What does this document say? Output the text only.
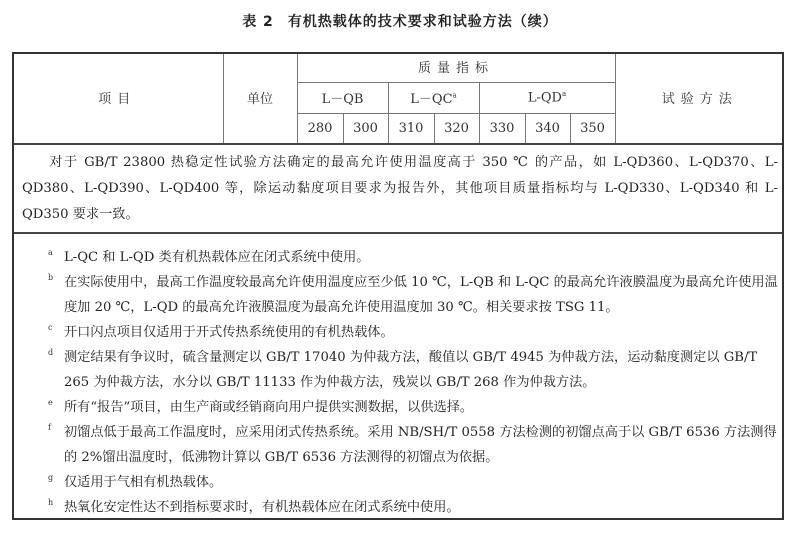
表 2 有机热载体的技术要求和试验方法（续）
项目	单位	质量指标							试验方法
		L－QB		$L-QC^a$		$L-QD^a$
		280	300	310	320	330	340	350	
对于 GB/T 23800 热稳定性试验方法确定的最高允许使用温度高于 350 ℃ 的产品，如 L-QD360、L-QD370、L-QD380、L-QD390、L-QD400 等，除运动黏度项目要求为报告外，其他项目质量指标均与 L-QD330、L-QD340 和 L-QD350 要求一致。
a L-QC 和 L-QD 类有机热载体应在闭式系统中使用。
b 在实际使用中，最高工作温度较最高允许使用温度应至少低 10 ℃，L-QB 和 L-QC 的最高允许液膜温度为最高允许使用温度加 20 ℃，L-QD 的最高允许液膜温度为最高允许使用温度加 30 ℃。相关要求按 TSG 11。
c 开口闪点项目仅适用于开式传热系统使用的有机热载体。
d 测定结果有争议时，硫含量测定以 GB/T 17040 为仲裁方法，酸值以 GB/T 4945 为仲裁方法，运动黏度测定以 GB/T 265 为仲裁方法，水分以 GB/T 11133 作为仲裁方法，残炭以 GB/T 268 作为仲裁方法。
e 所有“报告”项目，由生产商或经销商向用户提供实测数据，以供选择。
f 初馏点低于最高工作温度时，应采用闭式传热系统。采用 NB/SH/T 0558 方法检测的初馏点高于以 GB/T 6536 方法测得的 2%馏出温度时，低沸物计算以 GB/T 6536 方法测得的初馏点为依据。
g 仅适用于气相有机热载体。
h 热氧化安定性达不到指标要求时，有机热载体应在闭式系统中使用。
